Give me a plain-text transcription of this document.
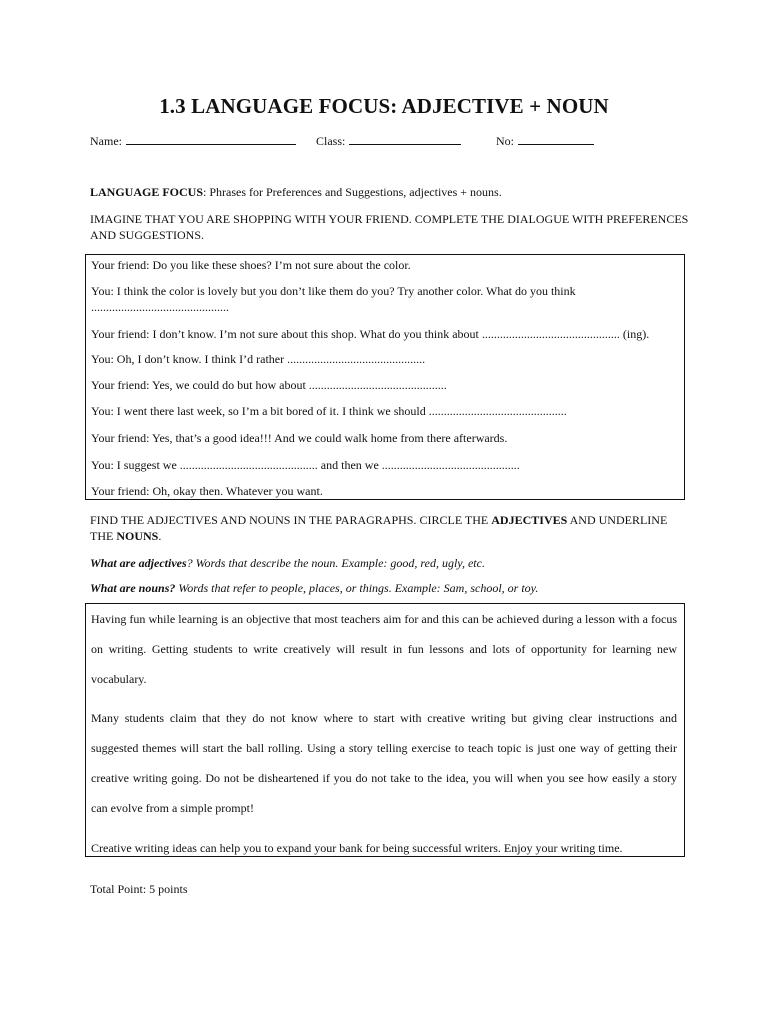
1.3 LANGUAGE FOCUS: ADJECTIVE + NOUN
Name:	Class:	No:
LANGUAGE FOCUS: Phrases for Preferences and Suggestions, adjectives + nouns.
IMAGINE THAT YOU ARE SHOPPING WITH YOUR FRIEND. COMPLETE THE DIALOGUE WITH PREFERENCES AND SUGGESTIONS.
Your friend: Do you like these shoes? I’m not sure about the color.
You: I think the color is lovely but you don’t like them do you? Try another color. What do you think ..............................................
Your friend: I don’t know. I’m not sure about this shop. What do you think about .............................................. (ing).
You: Oh, I don’t know. I think I’d rather ..............................................
Your friend: Yes, we could do but how about ..............................................
You: I went there last week, so I’m a bit bored of it. I think we should ..............................................
Your friend: Yes, that’s a good idea!!! And we could walk home from there afterwards.
You: I suggest we .............................................. and then we ..............................................
Your friend: Oh, okay then. Whatever you want.
FIND THE ADJECTIVES AND NOUNS IN THE PARAGRAPHS. CIRCLE THE ADJECTIVES AND UNDERLINE THE NOUNS.
What are adjectives? Words that describe the noun. Example: good, red, ugly, etc.
What are nouns? Words that refer to people, places, or things. Example: Sam, school, or toy.
Having fun while learning is an objective that most teachers aim for and this can be achieved during a lesson with a focus on writing. Getting students to write creatively will result in fun lessons and lots of opportunity for learning new vocabulary.
Many students claim that they do not know where to start with creative writing but giving clear instructions and suggested themes will start the ball rolling. Using a story telling exercise to teach topic is just one way of getting their creative writing going. Do not be disheartened if you do not take to the idea, you will when you see how easily a story can evolve from a simple prompt!
Creative writing ideas can help you to expand your bank for being successful writers. Enjoy your writing time.
Total Point: 5 points
